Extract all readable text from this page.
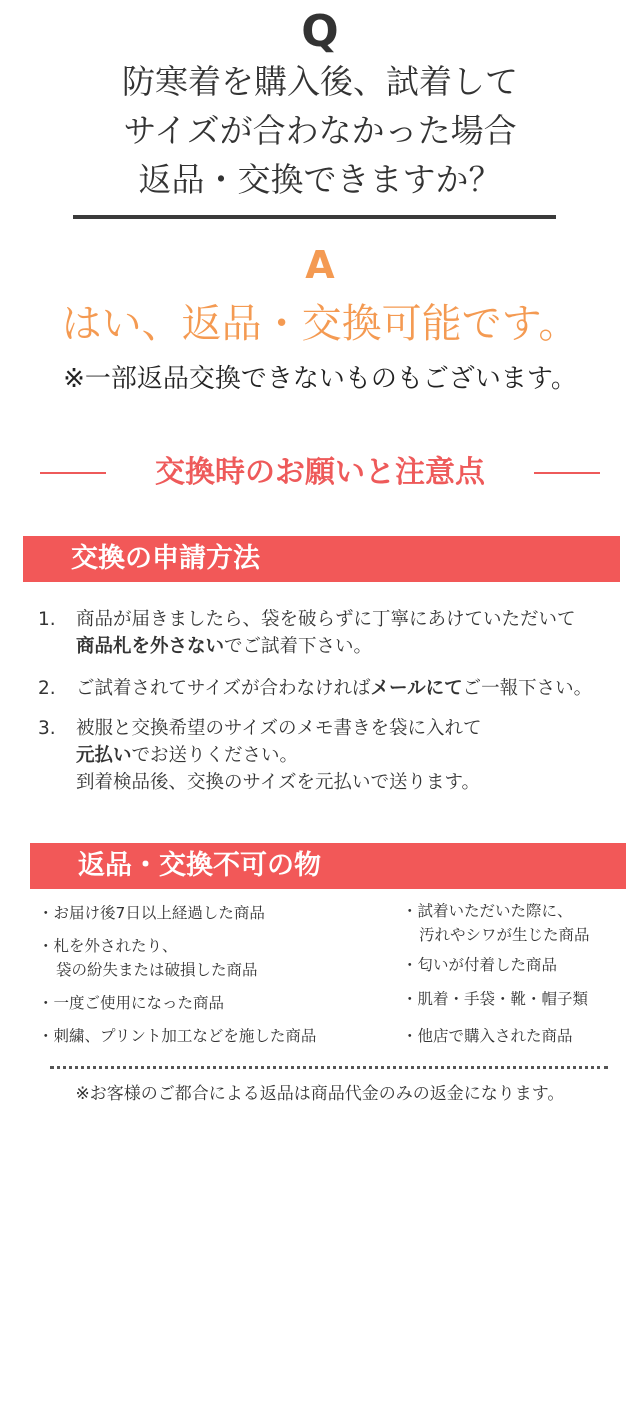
Q
防寒着を購入後、試着して
サイズが合わなかった場合
返品・交換できますか？
A
はい、返品・交換可能です。
※一部返品交換できないものもございます。
交換時のお願いと注意点
交換の申請方法
1. 商品が届きましたら、袋を破らずに丁寧にあけていただいて
商品札を外さないでご試着下さい。
2. ご試着されてサイズが合わなければメールにてご一報下さい。
3. 被服と交換希望のサイズのメモ書きを袋に入れて
元払いでお送りください。
到着検品後、交換のサイズを元払いで送ります。
返品・交換不可の物
・お届け後7日以上経過した商品
・札を外されたり、
袋の紛失または破損した商品
・一度ご使用になった商品
・刺繍、プリント加工などを施した商品
・試着いただいた際に、
汚れやシワが生じた商品
・匂いが付着した商品
・肌着・手袋・靴・帽子類
・他店で購入された商品
※お客様のご都合による返品は商品代金のみの返金になります。
